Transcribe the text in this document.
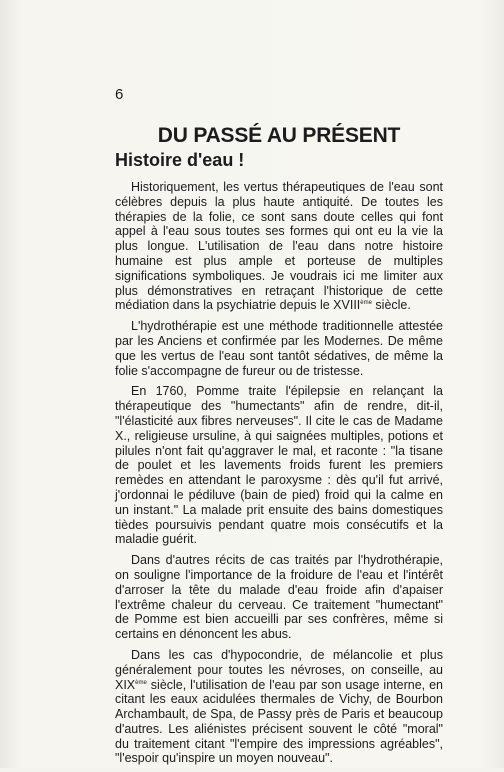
6
DU PASSÉ AU PRÉSENT
Histoire d'eau !

Historiquement, les vertus thérapeutiques de l'eau sont célèbres depuis la plus haute antiquité. De toutes les thérapies de la folie, ce sont sans doute celles qui font appel à l'eau sous toutes ses formes qui ont eu la vie la plus longue. L'utilisation de l'eau dans notre histoire humaine est plus ample et porteuse de multiples significations symboliques. Je voudrais ici me limiter aux plus démonstratives en retraçant l'historique de cette médiation dans la psychiatrie depuis le XVIIIème siècle.

L'hydrothérapie est une méthode traditionnelle attestée par les Anciens et confirmée par les Modernes. De même que les vertus de l'eau sont tantôt sédatives, de même la folie s'accompagne de fureur ou de tristesse.

En 1760, Pomme traite l'épilepsie en relançant la thérapeutique des "humectants" afin de rendre, dit-il, "l'élasticité aux fibres nerveuses". Il cite le cas de Madame X., religieuse ursuline, à qui saignées multiples, potions et pilules n'ont fait qu'aggraver le mal, et raconte : "la tisane de poulet et les lavements froids furent les premiers remèdes en attendant le paroxysme : dès qu'il fut arrivé, j'ordonnai le pédiluve (bain de pied) froid qui la calme en un instant." La malade prit ensuite des bains domestiques tièdes poursuivis pendant quatre mois consécutifs et la maladie guérit.

Dans d'autres récits de cas traités par l'hydrothérapie, on souligne l'importance de la froidure de l'eau et l'intérêt d'arroser la tête du malade d'eau froide afin d'apaiser l'extrême chaleur du cerveau. Ce traitement "humectant" de Pomme est bien accueilli par ses confrères, même si certains en dénoncent les abus.

Dans les cas d'hypocondrie, de mélancolie et plus généralement pour toutes les névroses, on conseille, au XIXème siècle, l'utilisation de l'eau par son usage interne, en citant les eaux acidulées thermales de Vichy, de Bourbon Archambault, de Spa, de Passy près de Paris et beaucoup d'autres. Les aliénistes précisent souvent le côté "moral" du traitement citant "l'empire des impressions agréables", "l'espoir qu'inspire un moyen nouveau".
